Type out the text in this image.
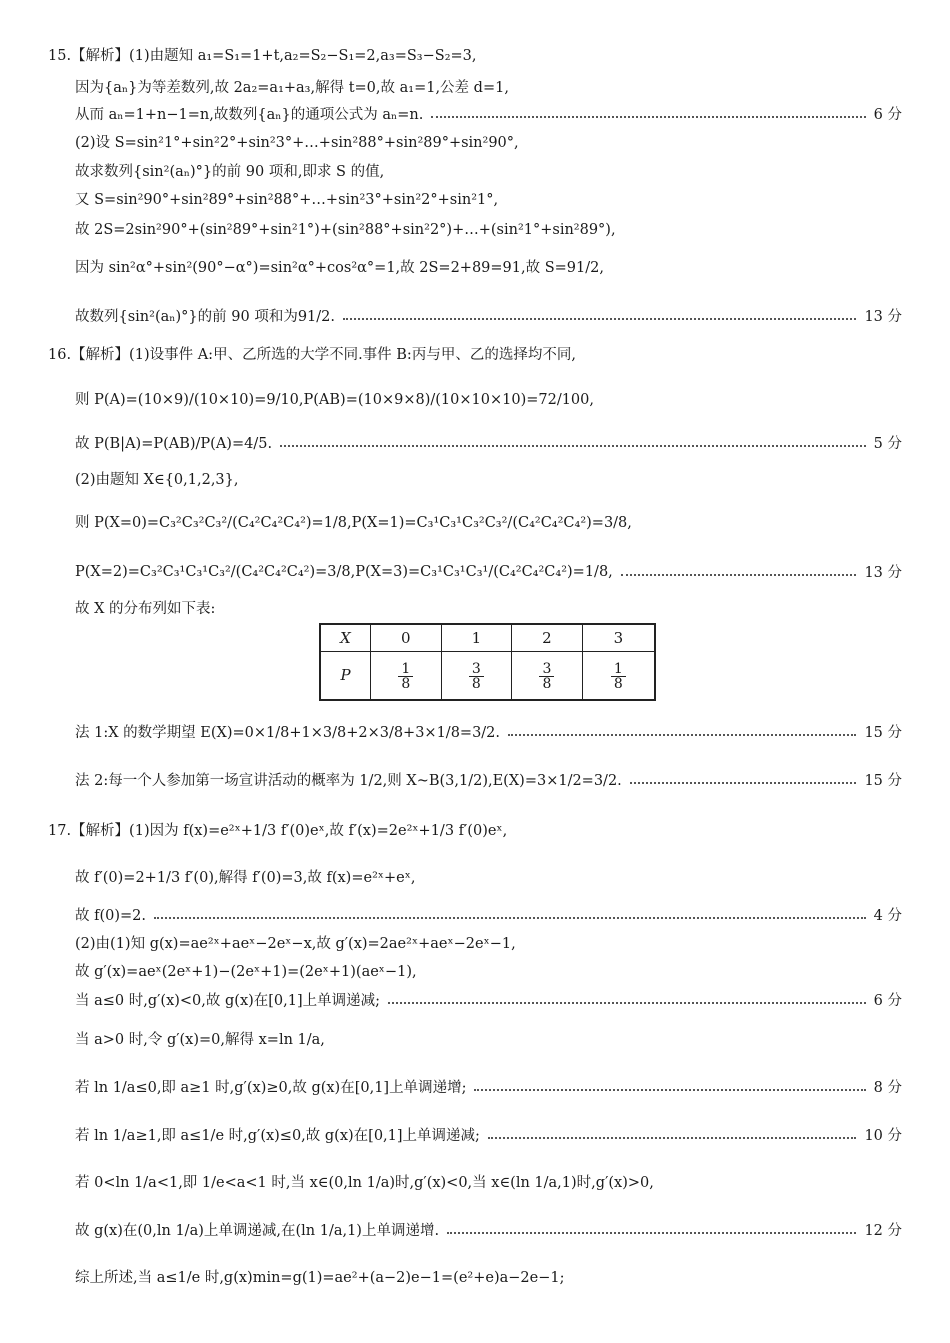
15.【解析】(1)由题知 a₁=S₁=1+t,a₂=S₂−S₁=2,a₃=S₃−S₂=3,
因为{aₙ}为等差数列,故 2a₂=a₁+a₃,解得 t=0,故 a₁=1,公差 d=1,
从而 aₙ=1+n−1=n,故数列{aₙ}的通项公式为 aₙ=n.	6 分
(2)设 S=sin²1°+sin²2°+sin²3°+…+sin²88°+sin²89°+sin²90°,
故求数列{sin²(aₙ)°}的前 90 项和,即求 S 的值,
又 S=sin²90°+sin²89°+sin²88°+…+sin²3°+sin²2°+sin²1°,
故 2S=2sin²90°+(sin²89°+sin²1°)+(sin²88°+sin²2°)+…+(sin²1°+sin²89°),
因为 sin²α°+sin²(90°−α°)=sin²α°+cos²α°=1,故 2S=2+89=91,故 S=91/2,
故数列{sin²(aₙ)°}的前 90 项和为91/2.	13 分
16.【解析】(1)设事件 A:甲、乙所选的大学不同.事件 B:丙与甲、乙的选择均不同,
则 P(A)=(10×9)/(10×10)=9/10,P(AB)=(10×9×8)/(10×10×10)=72/100,
故 P(B|A)=P(AB)/P(A)=4/5.	5 分
(2)由题知 X∈{0,1,2,3},
则 P(X=0)=C₃²C₃²C₃²/(C₄²C₄²C₄²)=1/8,P(X=1)=C₃¹C₃¹C₃²C₃²/(C₄²C₄²C₄²)=3/8,
P(X=2)=C₃²C₃¹C₃¹C₃²/(C₄²C₄²C₄²)=3/8,P(X=3)=C₃¹C₃¹C₃¹/(C₄²C₄²C₄²)=1/8,	13 分
故 X 的分布列如下表:
X	0	1	2	3
P	$\frac{1}{8}$	$\frac{3}{8}$	$\frac{3}{8}$	$\frac{1}{8}$
法 1:X 的数学期望 E(X)=0×1/8+1×3/8+2×3/8+3×1/8=3/2.	15 分
法 2:每一个人参加第一场宣讲活动的概率为 1/2,则 X~B(3,1/2),E(X)=3×1/2=3/2.	15 分
17.【解析】(1)因为 f(x)=e²ˣ+1/3 f′(0)eˣ,故 f′(x)=2e²ˣ+1/3 f′(0)eˣ,
故 f′(0)=2+1/3 f′(0),解得 f′(0)=3,故 f(x)=e²ˣ+eˣ,
故 f(0)=2.	4 分
(2)由(1)知 g(x)=ae²ˣ+aeˣ−2eˣ−x,故 g′(x)=2ae²ˣ+aeˣ−2eˣ−1,
故 g′(x)=aeˣ(2eˣ+1)−(2eˣ+1)=(2eˣ+1)(aeˣ−1),
当 a≤0 时,g′(x)<0,故 g(x)在[0,1]上单调递减;	6 分
当 a>0 时,令 g′(x)=0,解得 x=ln 1/a,
若 ln 1/a≤0,即 a≥1 时,g′(x)≥0,故 g(x)在[0,1]上单调递增;	8 分
若 ln 1/a≥1,即 a≤1/e 时,g′(x)≤0,故 g(x)在[0,1]上单调递减;	10 分
若 0<ln 1/a<1,即 1/e<a<1 时,当 x∈(0,ln 1/a)时,g′(x)<0,当 x∈(ln 1/a,1)时,g′(x)>0,
故 g(x)在(0,ln 1/a)上单调递减,在(ln 1/a,1)上单调递增.	12 分
综上所述,当 a≤1/e 时,g(x)min=g(1)=ae²+(a−2)e−1=(e²+e)a−2e−1;
